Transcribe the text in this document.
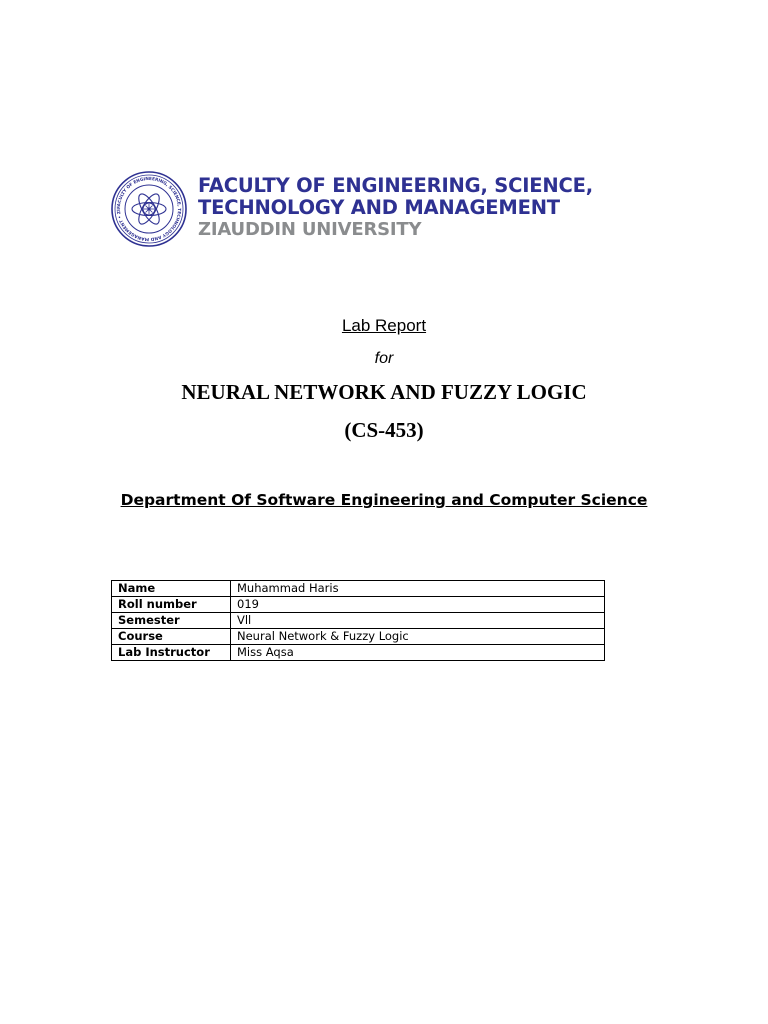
FACULTY OF ENGINEERING, SCIENCE, TECHNOLOGY AND MANAGEMENT • ZI
FACULTY OF ENGINEERING, SCIENCE,
TECHNOLOGY AND MANAGEMENT
ZIAUDDIN UNIVERSITY
Lab Report
for
NEURAL NETWORK AND FUZZY LOGIC
(CS-453)
Department Of Software Engineering and Computer Science
Name	Muhammad Haris
Roll number	019
Semester	Vll
Course	Neural Network & Fuzzy Logic
Lab Instructor	Miss Aqsa
